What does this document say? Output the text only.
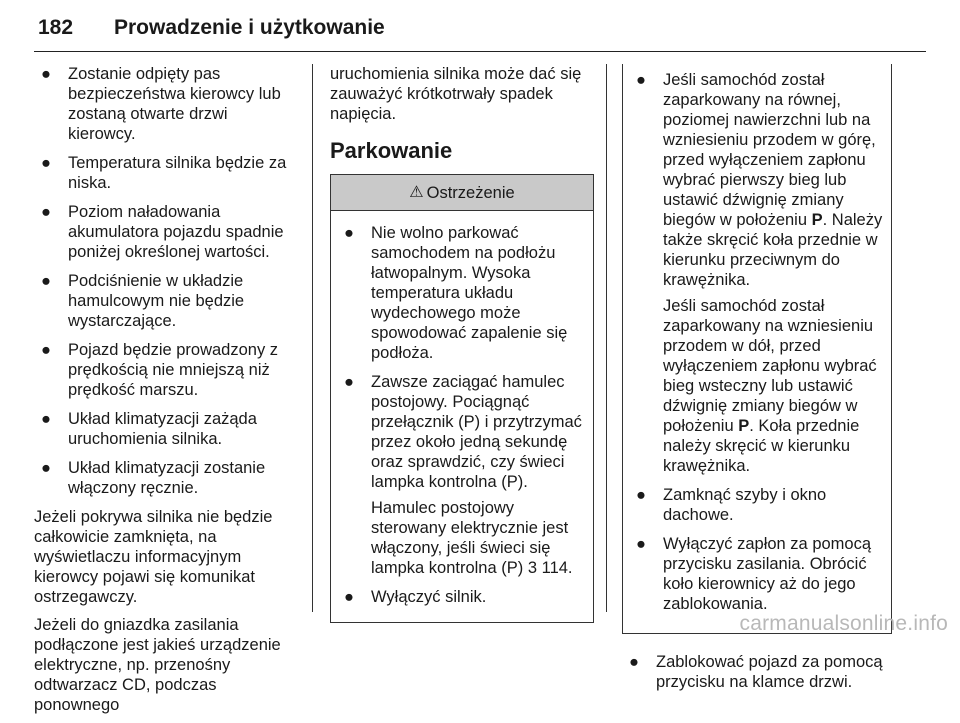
182 Prowadzenie i użytkowanie
● Zostanie odpięty pas bezpieczeństwa kierowcy lub zostaną otwarte drzwi kierowcy.
● Temperatura silnika będzie za niska.
● Poziom naładowania akumulatora pojazdu spadnie poniżej określonej wartości.
● Podciśnienie w układzie hamulcowym nie będzie wystarczające.
● Pojazd będzie prowadzony z prędkością nie mniejszą niż prędkość marszu.
● Układ klimatyzacji zażąda uruchomienia silnika.
● Układ klimatyzacji zostanie włączony ręcznie.

Jeżeli pokrywa silnika nie będzie całkowicie zamknięta, na wyświetlaczu informacyjnym kierowcy pojawi się komunikat ostrzegawczy.

Jeżeli do gniazdka zasilania podłączone jest jakieś urządzenie elektryczne, np. przenośny odtwarzacz CD, podczas ponownego

uruchomienia silnika może dać się zauważyć krótkotrwały spadek napięcia.

Parkowanie
⚠ Ostrzeżenie
● Nie wolno parkować samochodem na podłożu łatwopalnym. Wysoka temperatura układu wydechowego może spowodować zapalenie się podłoża.
● Zawsze zaciągać hamulec postojowy. Pociągnąć przełącznik (P) i przytrzymać przez około jedną sekundę oraz sprawdzić, czy świeci lampka kontrolna (P).
Hamulec postojowy sterowany elektrycznie jest włączony, jeśli świeci się lampka kontrolna (P) 3 114.
● Wyłączyć silnik.
● Jeśli samochód został zaparkowany na równej, poziomej nawierzchni lub na wzniesieniu przodem w górę, przed wyłączeniem zapłonu wybrać pierwszy bieg lub ustawić dźwignię zmiany biegów w położeniu P. Należy także skręcić koła przednie w kierunku przeciwnym do krawężnika.
Jeśli samochód został zaparkowany na wzniesieniu przodem w dół, przed wyłączeniem zapłonu wybrać bieg wsteczny lub ustawić dźwignię zmiany biegów w położeniu P. Koła przednie należy skręcić w kierunku krawężnika.
● Zamknąć szyby i okno dachowe.
● Wyłączyć zapłon za pomocą przycisku zasilania. Obrócić koło kierownicy aż do jego zablokowania.
● Zablokować pojazd za pomocą przycisku na klamce drzwi.
carmanualsonline.info
